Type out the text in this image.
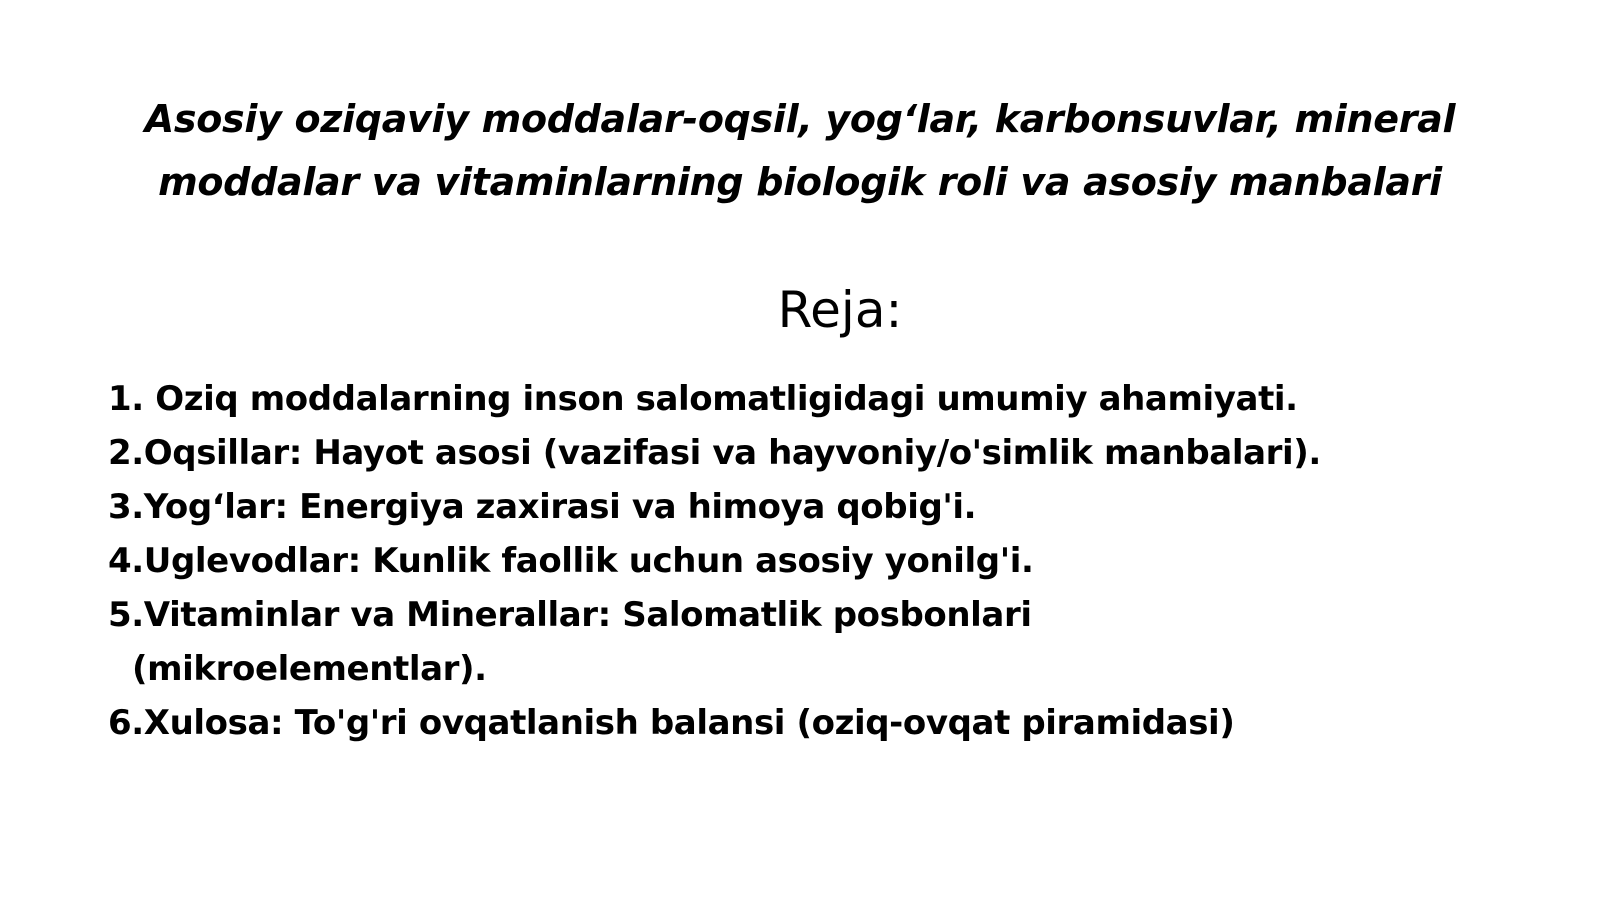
Asosiy oziqaviy moddalar-oqsil, yog‘lar, karbonsuvlar, mineral
moddalar va vitaminlarning biologik roli va asosiy manbalari
Reja:
1. Oziq moddalarning inson salomatligidagi umumiy ahamiyati.
2.Oqsillar: Hayot asosi (vazifasi va hayvoniy/o'simlik manbalari).
3.Yog‘lar: Energiya zaxirasi va himoya qobig'i.
4.Uglevodlar: Kunlik faollik uchun asosiy yonilg'i.
5.Vitaminlar va Minerallar: Salomatlik posbonlari
(mikroelementlar).
6.Xulosa: To'g'ri ovqatlanish balansi (oziq-ovqat piramidasi)
